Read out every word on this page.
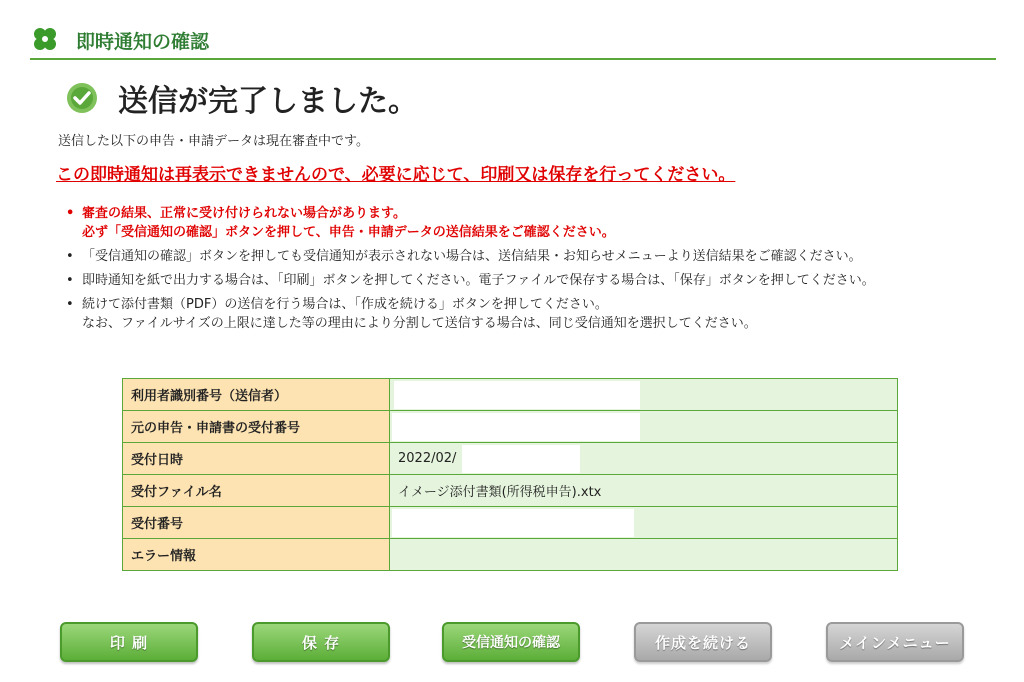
即時通知の確認
送信が完了しました。
送信した以下の申告・申請データは現在審査中です。
この即時通知は再表示できませんので、必要に応じて、印刷又は保存を行ってください。
• 審査の結果、正常に受け付けられない場合があります。
必ず「受信通知の確認」ボタンを押して、申告・申請データの送信結果をご確認ください。
• 「受信通知の確認」ボタンを押しても受信通知が表示されない場合は、送信結果・お知らせメニューより送信結果をご確認ください。
• 即時通知を紙で出力する場合は、「印刷」ボタンを押してください。電子ファイルで保存する場合は、「保存」ボタンを押してください。
• 続けて添付書類（PDF）の送信を行う場合は、「作成を続ける」ボタンを押してください。
なお、ファイルサイズの上限に達した等の理由により分割して送信する場合は、同じ受信通知を選択してください。
利用者識別番号（送信者）	

元の申告・申請書の受付番号	

受付日時	2022/02/

受付ファイル名	イメージ添付書類(所得税申告).xtx
受付番号	

エラー情報	
印 刷	保 存	受信通知の確認	作成を続ける	メインメニュー
